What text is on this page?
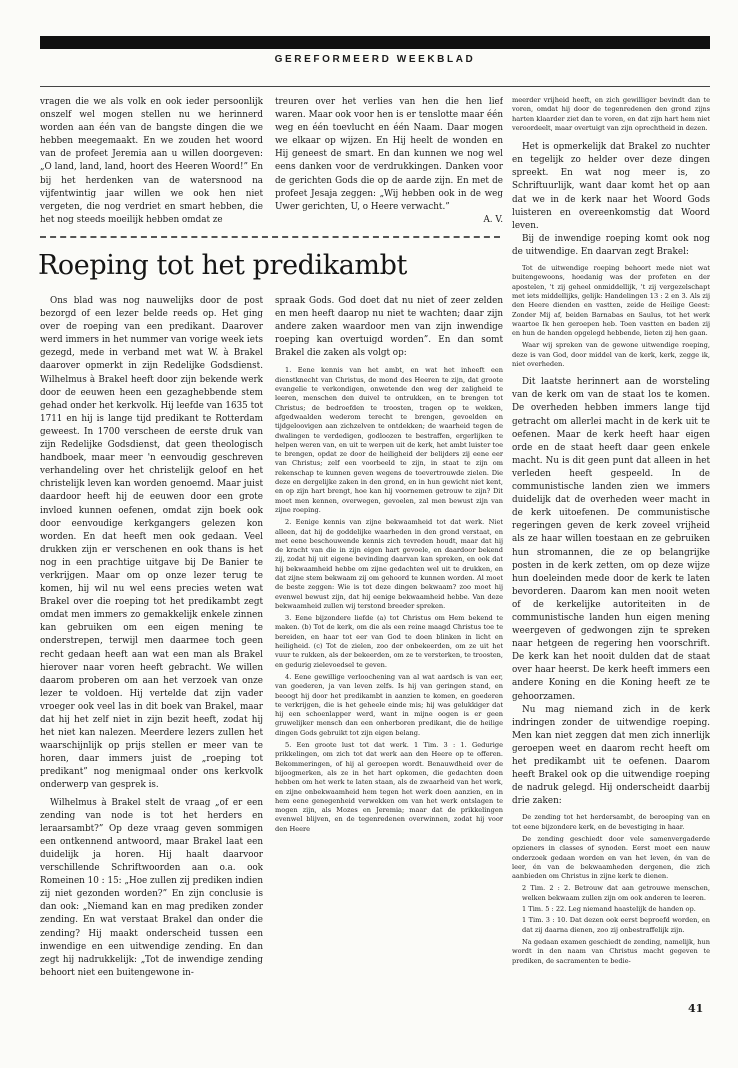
GEREFORMEERD WEEKBLAD

vragen die we als volk en ook ieder persoonlijk onszelf wel mogen stellen nu we herinnerd worden aan één van de bangste dingen die we hebben meegemaakt. En we zouden het woord van de profeet Jeremia aan u willen doorgeven: „O land, land, land, hoort des Heeren Woord!” En bij het herdenken van de watersnood na vijfentwintig jaar willen we ook hen niet vergeten, die nog verdriet en smart hebben, die het nog steeds moeilijk hebben omdat ze

treuren over het verlies van hen die hen lief waren. Maar ook voor hen is er tenslotte maar één weg en één toevlucht en één Naam. Daar mogen we elkaar op wijzen. En Hij heelt de wonden en Hij geneest de smart. En dan kunnen we nog wel eens danken voor de verdrukkingen. Danken voor de gerichten Gods die op de aarde zijn. En met de profeet Jesaja zeggen: „Wij hebben ook in de weg Uwer gerichten, U, o Heere verwacht.”

A. V.
Roeping tot het predikambt

Ons blad was nog nauwelijks door de post bezorgd of een lezer belde reeds op. Het ging over de roeping van een predikant. Daarover werd immers in het nummer van vorige week iets gezegd, mede in verband met wat W. à Brakel daarover opmerkt in zijn Redelijke Godsdienst. Wilhelmus à Brakel heeft door zijn bekende werk door de eeuwen heen een gezaghebbende stem gehad onder het kerkvolk. Hij leefde van 1635 tot 1711 en hij is lange tijd predikant te Rotterdam geweest. In 1700 verscheen de eerste druk van zijn Redelijke Godsdienst, dat geen theologisch handboek, maar meer 'n eenvoudig geschreven verhandeling over het christelijk geloof en het christelijk leven kan worden genoemd. Maar juist daardoor heeft hij de eeuwen door een grote invloed kunnen oefenen, omdat zijn boek ook door eenvoudige kerkgangers gelezen kon worden. En dat heeft men ook gedaan. Veel drukken zijn er verschenen en ook thans is het nog in een prachtige uitgave bij De Banier te verkrijgen. Maar om op onze lezer terug te komen, hij wil nu wel eens precies weten wat Brakel over die roeping tot het predikambt zegt omdat men immers zo gemakkelijk enkele zinnen kan gebruiken om een eigen mening te onderstrepen, terwijl men daarmee toch geen recht gedaan heeft aan wat een man als Brakel hierover naar voren heeft gebracht. We willen daarom proberen om aan het verzoek van onze lezer te voldoen. Hij vertelde dat zijn vader vroeger ook veel las in dit boek van Brakel, maar dat hij het zelf niet in zijn bezit heeft, zodat hij het niet kan nalezen. Meerdere lezers zullen het waarschijnlijk op prijs stellen er meer van te horen, daar immers juist de „roeping tot predikant” nog menigmaal onder ons kerkvolk onderwerp van gesprek is.

Wilhelmus à Brakel stelt de vraag „of er een zending van node is tot het herders en leraarsambt?” Op deze vraag geven sommigen een ontkennend antwoord, maar Brakel laat een duidelijk ja horen. Hij haalt daarvoor verschillende Schriftwoorden aan o.a. ook Romeinen 10 : 15: „Hoe zullen zij prediken indien zij niet gezonden worden?” En zijn conclusie is dan ook: „Niemand kan en mag prediken zonder zending. En wat verstaat Brakel dan onder die zending? Hij maakt onderscheid tussen een inwendige en een uitwendige zending. En dan zegt hij nadrukkelijk: „Tot de inwendige zending behoort niet een buitengewone in-

spraak Gods. God doet dat nu niet of zeer zelden en men heeft daarop nu niet te wachten; daar zijn andere zaken waardoor men van zijn inwendige roeping kan overtuigd worden”. En dan somt Brakel die zaken als volgt op:

1. Eene kennis van het ambt, en wat het inheeft een dienstknecht van Christus, de mond des Heeren te zijn, dat groote evangelie te verkondigen, onwetende den weg der zaligheid te leeren, menschen den duivel te ontrukken, en te brengen tot Christus; de bedroefden te troosten, tragen op te wekken, afgedwaalden wederom terecht te brengen, gevoelden en tijdgeloovigen aan zichzelven te ontdekken; de waarheid tegen de dwalingen te verdedigen, godloozen te bestraffen, ergerlijken te helpen weren van, en uit te werpen uit de kerk, het ambt luister toe te brengen, opdat ze door de heiligheid der belijders zij eene eer van Christus; zelf een voorbeeld te zijn, in staat te zijn om rekenschap te kunnen geven wegens de toevertrouwde zielen. Die deze en dergelijke zaken in den grond, en in hun gewicht niet kent, en op zijn hart brengt, hoe kan hij voornemen getrouw te zijn? Dit moet men kennen, overwegen, gevoelen, zal men bewust zijn van zijne roeping.

2. Eenige kennis van zijne bekwaamheid tot dat werk. Niet alleen, dat hij de goddelijke waarheden in den grond verstaat, en met eene beschouwende kennis zich tevreden houdt, maar dat hij de kracht van die in zijn eigen hart gevoele, en daardoor bekend zij, zodat hij uit eigene bevinding daarvan kan spreken, en ook dat hij bekwaamheid hebbe om zijne gedachten wel uit te drukken, en dat zijne stem bekwaam zij om gehoord te kunnen worden. Al moet de beste zeggen: Wie is tot deze dingen bekwaam? zoo moet hij evenwel bewust zijn, dat hij eenige bekwaamheid hebbe. Van deze bekwaamheid zullen wij terstond breeder spreken.

3. Eene bijzondere liefde (a) tot Christus om Hem bekend te maken. (b) Tot de kerk, om die als een reine maagd Christus toe te bereiden, en haar tot eer van God te doen blinken in licht en heiligheid. (c) Tot de zielen, zoo der onbekeerden, om ze uit het vuur te rukken, als der bekeerden, om ze te versterken, te troosten, en gedurig zielevoedsel te geven.

4. Eene gewillige verloochening van al wat aardsch is van eer, van goederen, ja van leven zelfs. Is hij van geringen stand, en beoogt hij door het predikambt in aanzien te komen, en goederen te verkrijgen, die is het geheele einde mis; hij was gelukkiger dat hij een schoenlapper werd, want in mijne oogen is er geen gruwelijker mensch dan een onherboren predikant, die de heilige dingen Gods gebruikt tot zijn eigen belang.

5. Een groote lust tot dat werk. 1 Tim. 3 : 1. Gedurige prikkelingen, om zich tot dat werk aan den Heere op te offeren. Bekommeringen, of hij al geroepen wordt. Benauwdheid over de bijoogmerken, als ze in het hart opkomen, die gedachten doen hebben om het werk te laten staan, als de zwaarheid van het werk, en zijne onbekwaamheid hem tegen het werk doen aanzien, en in hem eene genegenheid verwekken om van het werk ontslagen te mogen zijn, als Mozes en Jeremia; maar dat de prikkelingen evenwel blijven, en de tegenredenen overwinnen, zodat hij voor den Heere

meerder vrijheid heeft, en zich gewilliger bevindt dan te voren, omdat hij door de tegenredenen den grond zijns harten klaarder ziet dan te voren, en dat zijn hart hem niet veroordeelt, maar overtuigt van zijn oprechtheid in dezen.

Het is opmerkelijk dat Brakel zo nuchter en tegelijk zo helder over deze dingen spreekt. En wat nog meer is, zo Schriftuurlijk, want daar komt het op aan dat we in de kerk naar het Woord Gods luisteren en overeenkomstig dat Woord leven.

Bij de inwendige roeping komt ook nog de uitwendige. En daarvan zegt Brakel:

Tot de uitwendige roeping behoort mede niet wat buitengewoons, hoedanig was der profeten en der apostelen, 't zij geheel onmiddellijk, 't zij vergezelschapt met iets middellijks, gelijk: Handelingen 13 : 2 en 3. Als zij den Heere dienden en vastten, zeide de Heilige Geest: Zonder Mij af, beiden Barnabas en Saulus, tot het werk waartoe Ik hen geroepen heb. Toen vastten en baden zij en hun de handen opgelegd hebbende, lieten zij hen gaan.

Waar wij spreken van de gewone uitwendige roeping, deze is van God, door middel van de kerk, kerk, zegge ik, niet overheden.

Dit laatste herinnert aan de worsteling van de kerk om van de staat los te komen. De overheden hebben immers lange tijd getracht om allerlei macht in de kerk uit te oefenen. Maar de kerk heeft haar eigen orde en de staat heeft daar geen enkele macht. Nu is dit geen punt dat alleen in het verleden heeft gespeeld. In de communistische landen zien we immers duidelijk dat de overheden weer macht in de kerk uitoefenen. De communistische regeringen geven de kerk zoveel vrijheid als ze haar willen toestaan en ze gebruiken hun stromannen, die ze op belangrijke posten in de kerk zetten, om op deze wijze hun doeleinden mede door de kerk te laten bevorderen. Daarom kan men nooit weten of de kerkelijke autoriteiten in de communistische landen hun eigen mening weergeven of gedwongen zijn te spreken naar hetgeen de regering hen voorschrift. De kerk kan het nooit dulden dat de staat over haar heerst. De kerk heeft immers een andere Koning en die Koning heeft ze te gehoorzamen.

Nu mag niemand zich in de kerk indringen zonder de uitwendige roeping. Men kan niet zeggen dat men zich innerlijk geroepen weet en daarom recht heeft om het predikambt uit te oefenen. Daarom heeft Brakel ook op die uitwendige roeping de nadruk gelegd. Hij onderscheidt daarbij drie zaken:

De zending tot het herdersambt, de beroeping van en tot eene bijzondere kerk, en de bevestiging in haar.

De zending geschiedt door vele samenvergaderde opzieners in classes of synoden. Eerst moet een nauw onderzoek gedaan worden en van het leven, én van de leer, én van de bekwaamheden dergenen, die zich aanbieden om Christus in zijne kerk te dienen.

2 Tim. 2 : 2. Betrouw dat aan getrouwe menschen, welken bekwaam zullen zijn om ook anderen te leeren.

1 Tim. 5 : 22. Leg niemand haastelijk de handen op.

1 Tim. 3 : 10. Dat dezen ook eerst beproefd worden, en dat zij daarna dienen, zoo zij onbestraffelijk zijn.

Na gedaan examen geschiedt de zending, namelijk, hun wordt in den naam van Christus macht gegeven te prediken, de sacramenten te bedie-

41
